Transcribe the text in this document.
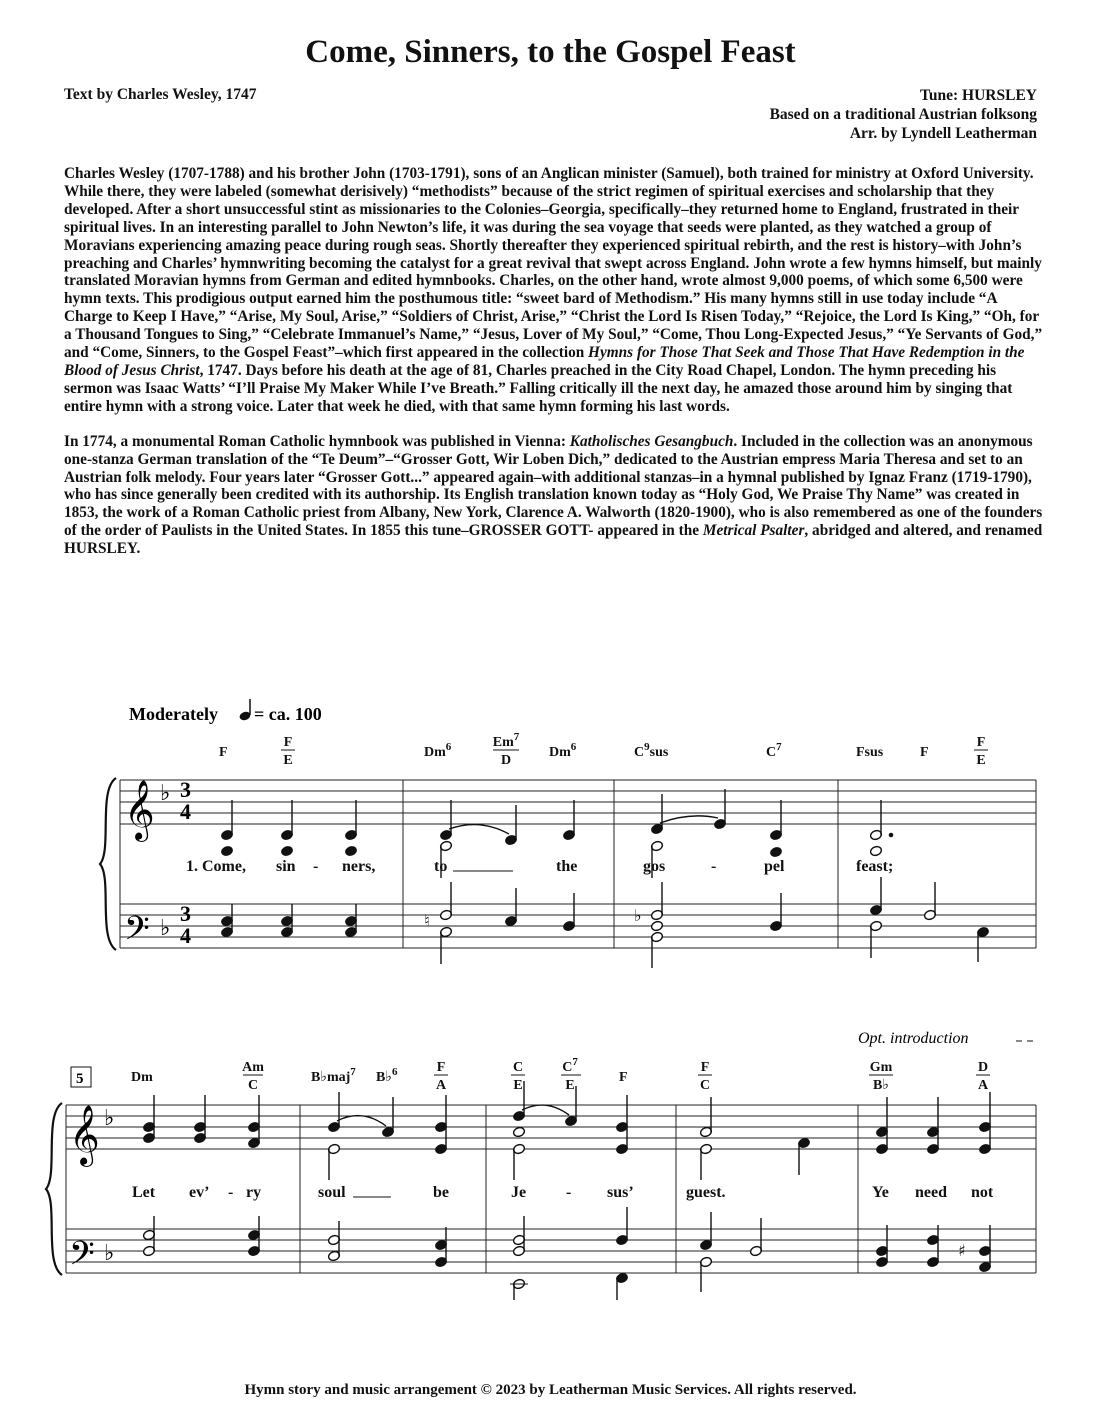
Come, Sinners, to the Gospel Feast
Text by Charles Wesley, 1747	Tune: HURSLEY
Based on a traditional Austrian folksong
Arr. by Lyndell Leatherman

Charles Wesley (1707-1788) and his brother John (1703-1791), sons of an Anglican minister (Samuel), both trained for ministry at Oxford University. While there, they were labeled (somewhat derisively) “methodists” because of the strict regimen of spiritual exercises and scholarship that they developed. After a short unsuccessful stint as missionaries to the Colonies–Georgia, specifically–they returned home to England, frustrated in their spiritual lives. In an interesting parallel to John Newton’s life, it was during the sea voyage that seeds were planted, as they watched a group of Moravians experiencing amazing peace during rough seas. Shortly thereafter they experienced spiritual rebirth, and the rest is history–with John’s preaching and Charles’ hymnwriting becoming the catalyst for a great revival that swept across England. John wrote a few hymns himself, but mainly translated Moravian hymns from German and edited hymnbooks. Charles, on the other hand, wrote almost 9,000 poems, of which some 6,500 were hymn texts. This prodigious output earned him the posthumous title: “sweet bard of Methodism.” His many hymns still in use today include “A Charge to Keep I Have,” “Arise, My Soul, Arise,” “Soldiers of Christ, Arise,” “Christ the Lord Is Risen Today,” “Rejoice, the Lord Is King,” “Oh, for a Thousand Tongues to Sing,” “Celebrate Immanuel’s Name,” “Jesus, Lover of My Soul,” “Come, Thou Long-Expected Jesus,” “Ye Servants of God,” and “Come, Sinners, to the Gospel Feast”–which first appeared in the collection Hymns for Those That Seek and Those That Have Redemption in the Blood of Jesus Christ, 1747. Days before his death at the age of 81, Charles preached in the City Road Chapel, London. The hymn preceding his sermon was Isaac Watts’ “I’ll Praise My Maker While I’ve Breath.” Falling critically ill the next day, he amazed those around him by singing that entire hymn with a strong voice. Later that week he died, with that same hymn forming his last words.

In 1774, a monumental Roman Catholic hymnbook was published in Vienna: Katholisches Gesangbuch. Included in the collection was an anonymous one-stanza German translation of the “Te Deum”–“Grosser Gott, Wir Loben Dich,” dedicated to the Austrian empress Maria Theresa and set to an Austrian folk melody. Four years later “Grosser Gott...” appeared again–with additional stanzas–in a hymnal published by Ignaz Franz (1719-1790), who has since generally been credited with its authorship. Its English translation known today as “Holy God, We Praise Thy Name” was created in 1853, the work of a Roman Catholic priest from Albany, New York, Clarence A. Walworth (1820-1900), who is also remembered as one of the founders of the order of Paulists in the United States. In 1855 this tune–GROSSER GOTT- appeared in the Metrical Psalter, abridged and altered, and renamed HURSLEY.

Moderately = ca. 100
F
F
E
Dm$^6$	Em$^7$
D
Dm$^6$	$C^9sus$	$C^7$	Fsus	F
F
E
𝄞
𝄢
♭
♭
3
4
3
4
1. Come, sin - ners,	to	the	gos	-	pel	feast;
♮	♭
Opt. introduction
5	Dm
Am
C
B♭maj$^7$ B♭$^6$	F
A
C
E
$C^7$
E
F
F
C
Gm
B♭
D
A
𝄞
𝄢
♭
♭
Let ev’ - ry	soul	be	Je - sus’	guest.	Ye need not
♯
Hymn story and music arrangement © 2023 by Leatherman Music Services. All rights reserved.
